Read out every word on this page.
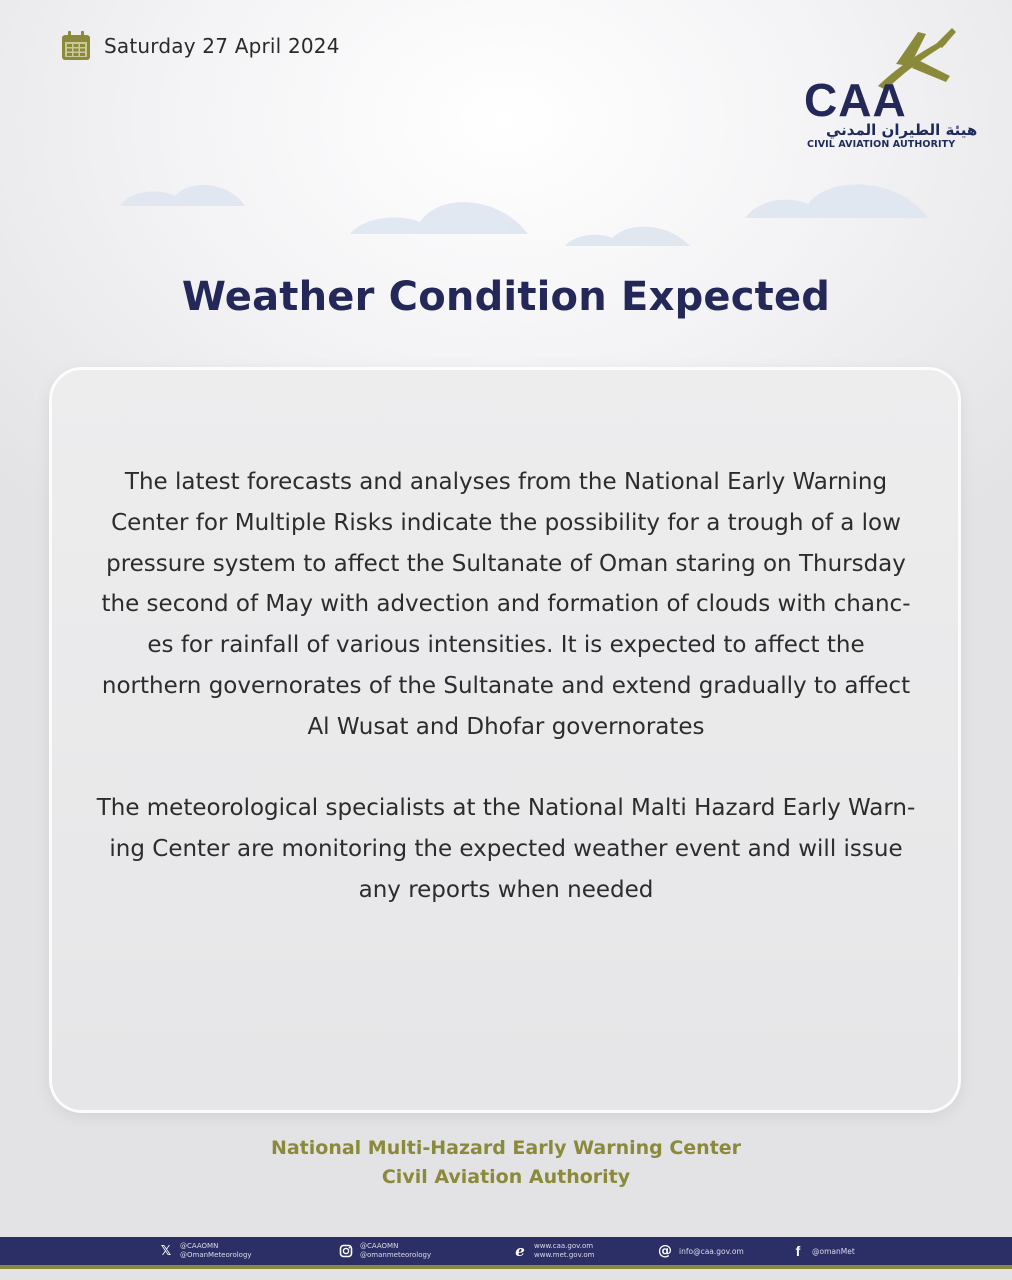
Saturday 27 April 2024
CAA
هيئة الطيران المدني
CIVIL AVIATION AUTHORITY
Weather Condition Expected

The latest forecasts and analyses from the National Early Warning Center for Multiple Risks indicate the possibility for a trough of a low pressure system to affect the Sultanate of Oman staring on Thursday the second of May with advection and formation of clouds with chanc-es for rainfall of various intensities. It is expected to affect the northern governorates of the Sultanate and extend gradually to affect Al Wusat and Dhofar governorates

The meteorological specialists at the National Malti Hazard Early Warn-ing Center are monitoring the expected weather event and will issue any reports when needed

National Multi-Hazard Early Warning Center
Civil Aviation Authority
𝕏	@CAAOMN
@OmanMeteorology
@CAAOMN
@omanmeteorology	e	www.caa.gov.om
www.met.gov.om	@ info@caa.gov.om	f	@omanMet
